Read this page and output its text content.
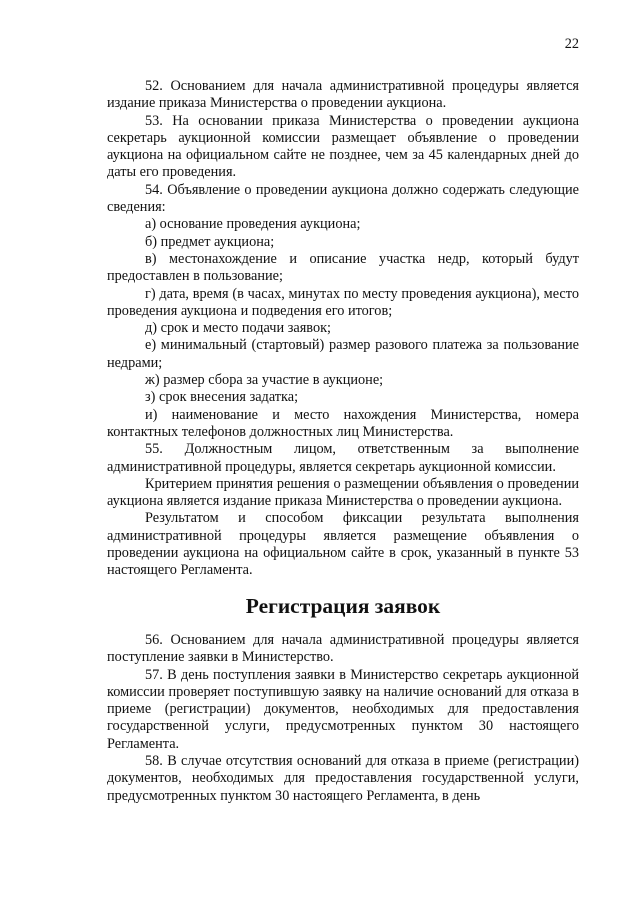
22

52. Основанием для начала административной процедуры является издание приказа Министерства о проведении аукциона.

53. На основании приказа Министерства о проведении аукциона секретарь аукционной комиссии размещает объявление о проведении аукциона на официальном сайте не позднее, чем за 45 календарных дней до даты его проведения.

54. Объявление о проведении аукциона должно содержать следующие сведения:

а) основание проведения аукциона;

б) предмет аукциона;

в) местонахождение и описание участка недр, который будут предоставлен в пользование;

г) дата, время (в часах, минутах по месту проведения аукциона), место проведения аукциона и подведения его итогов;

д) срок и место подачи заявок;

е) минимальный (стартовый) размер разового платежа за пользование недрами;

ж) размер сбора за участие в аукционе;

з) срок внесения задатка;

и) наименование и место нахождения Министерства, номера контактных телефонов должностных лиц Министерства.

55. Должностным лицом, ответственным за выполнение административной процедуры, является секретарь аукционной комиссии.

Критерием принятия решения о размещении объявления о проведении аукциона является издание приказа Министерства о проведении аукциона.

Результатом и способом фиксации результата выполнения административной процедуры является размещение объявления о проведении аукциона на официальном сайте в срок, указанный в пункте 53 настоящего Регламента.

Регистрация заявок

56. Основанием для начала административной процедуры является поступление заявки в Министерство.

57. В день поступления заявки в Министерство секретарь аукционной комиссии проверяет поступившую заявку на наличие оснований для отказа в приеме (регистрации) документов, необходимых для предоставления государственной услуги, предусмотренных пунктом 30 настоящего Регламента.

58. В случае отсутствия оснований для отказа в приеме (регистрации) документов, необходимых для предоставления государственной услуги, предусмотренных пунктом 30 настоящего Регламента, в день
